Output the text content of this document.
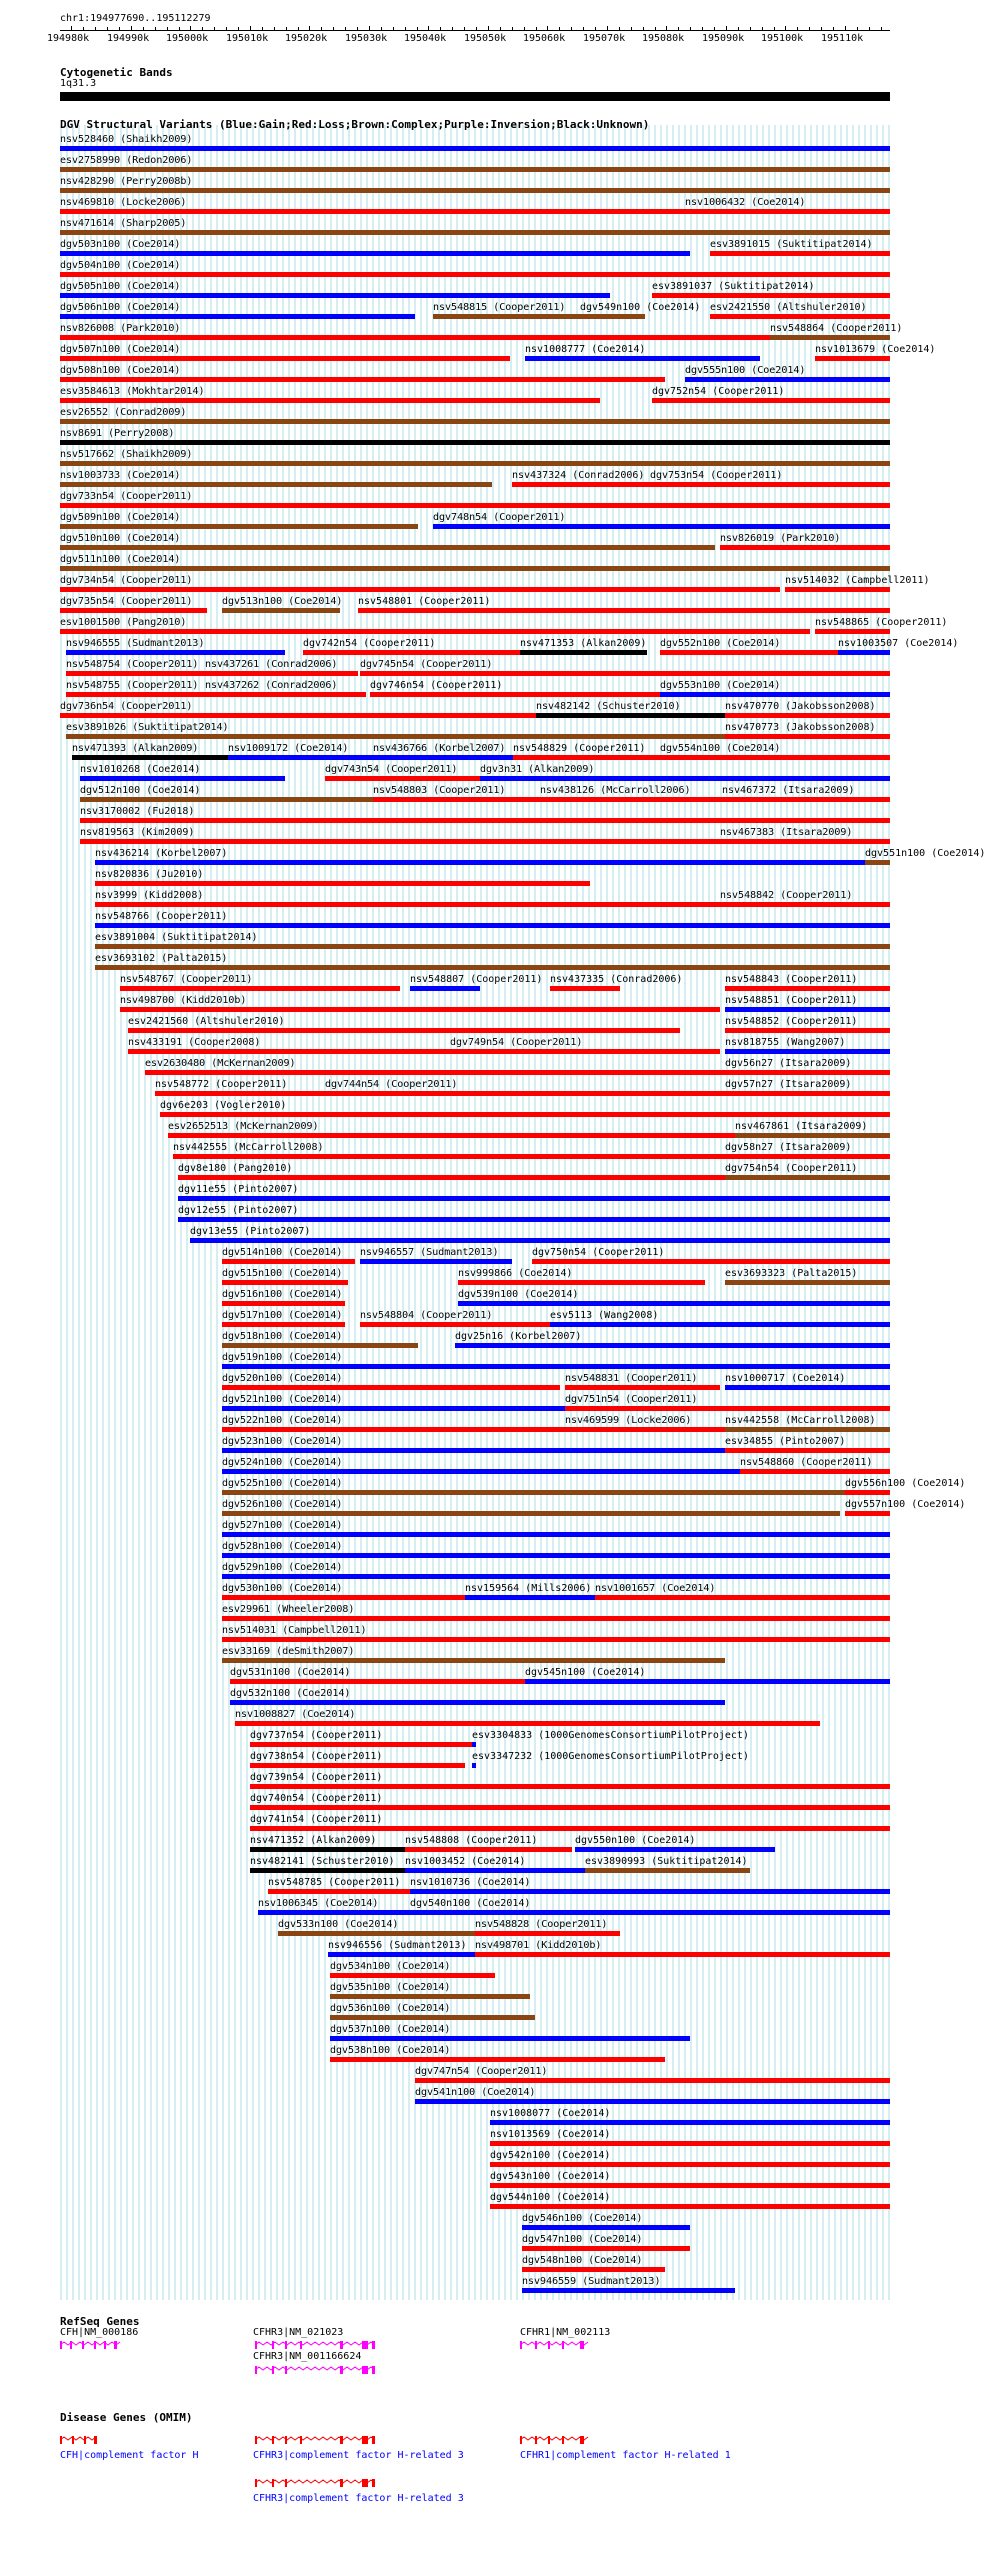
chr1:194977690..195112279
194980k 194990k 195000k 195010k 195020k 195030k 195040k 195050k 195060k 195070k 195080k 195090k 195100k 195110k
Cytogenetic Bands
1q31.3
DGV Structural Variants (Blue:Gain;Red:Loss;Brown:Complex;Purple:Inversion;Black:Unknown)
nsv528460 (Shaikh2009)
esv2758990 (Redon2006)
nsv428290 (Perry2008b)
nsv469810 (Locke2006)	nsv1006432 (Coe2014)
nsv471614 (Sharp2005)
dgv503n100 (Coe2014)	esv3891015 (Suktitipat2014)
dgv504n100 (Coe2014)
dgv505n100 (Coe2014)	esv3891037 (Suktitipat2014)
dgv506n100 (Coe2014)	nsv548815 (Cooper2011) dgv549n100 (Coe2014) esv2421550 (Altshuler2010)
nsv826008 (Park2010)	nsv548864 (Cooper2011)
dgv507n100 (Coe2014)	nsv1008777 (Coe2014)	nsv1013679 (Coe2014)
dgv508n100 (Coe2014)	dgv555n100 (Coe2014)
esv3584613 (Mokhtar2014)	dgv752n54 (Cooper2011)
esv26552 (Conrad2009)
nsv8691 (Perry2008)
nsv517662 (Shaikh2009)
nsv1003733 (Coe2014)	nsv437324 (Conrad2006) dgv753n54 (Cooper2011)
dgv733n54 (Cooper2011)
dgv509n100 (Coe2014)	dgv748n54 (Cooper2011)
dgv510n100 (Coe2014)	nsv826019 (Park2010)
dgv511n100 (Coe2014)
dgv734n54 (Cooper2011)	nsv514032 (Campbell2011)
dgv735n54 (Cooper2011)	dgv513n100 (Coe2014) nsv548801 (Cooper2011)
esv1001500 (Pang2010)	nsv548865 (Cooper2011)
nsv946555 (Sudmant2013)	dgv742n54 (Cooper2011)	nsv471353 (Alkan2009) dgv552n100 (Coe2014)	nsv1003507 (Coe2014)
nsv548754 (Cooper2011) nsv437261 (Conrad2006) dgv745n54 (Cooper2011)
nsv548755 (Cooper2011) nsv437262 (Conrad2006)	dgv746n54 (Cooper2011)	dgv553n100 (Coe2014)
dgv736n54 (Cooper2011)	nsv482142 (Schuster2010)	nsv470770 (Jakobsson2008)
esv3891026 (Suktitipat2014)	nsv470773 (Jakobsson2008)
nsv471393 (Alkan2009)	nsv1009172 (Coe2014) nsv436766 (Korbel2007) nsv548829 (Cooper2011) dgv554n100 (Coe2014)
nsv1010268 (Coe2014)	dgv743n54 (Cooper2011) dgv3n31 (Alkan2009)
dgv512n100 (Coe2014)	nsv548803 (Cooper2011)	nsv438126 (McCarroll2006)	nsv467372 (Itsara2009)
nsv3170002 (Fu2018)
nsv819563 (Kim2009)	nsv467383 (Itsara2009)
nsv436214 (Korbel2007)	dgv551n100 (Coe2014)
nsv820836 (Ju2010)
nsv3999 (Kidd2008)	nsv548842 (Cooper2011)
nsv548766 (Cooper2011)
esv3891004 (Suktitipat2014)
esv3693102 (Palta2015)
nsv548767 (Cooper2011)	nsv548807 (Cooper2011) nsv437335 (Conrad2006)	nsv548843 (Cooper2011)
nsv498700 (Kidd2010b)	nsv548851 (Cooper2011)
esv2421560 (Altshuler2010)	nsv548852 (Cooper2011)
nsv433191 (Cooper2008)	dgv749n54 (Cooper2011)	nsv818755 (Wang2007)
esv2630480 (McKernan2009)	dgv56n27 (Itsara2009)
nsv548772 (Cooper2011)	dgv744n54 (Cooper2011)	dgv57n27 (Itsara2009)
dgv6e203 (Vogler2010)
esv2652513 (McKernan2009)	nsv467861 (Itsara2009)
nsv442555 (McCarroll2008)	dgv58n27 (Itsara2009)
dgv8e180 (Pang2010)	dgv754n54 (Cooper2011)
dgv11e55 (Pinto2007)
dgv12e55 (Pinto2007)
dgv13e55 (Pinto2007)
dgv514n100 (Coe2014) nsv946557 (Sudmant2013)	dgv750n54 (Cooper2011)
dgv515n100 (Coe2014)	nsv999866 (Coe2014)	esv3693323 (Palta2015)
dgv516n100 (Coe2014)	dgv539n100 (Coe2014)
dgv517n100 (Coe2014) nsv548804 (Cooper2011)	esv5113 (Wang2008)
dgv518n100 (Coe2014)	dgv25n16 (Korbel2007)
dgv519n100 (Coe2014)
dgv520n100 (Coe2014)	nsv548831 (Cooper2011)	nsv1000717 (Coe2014)
dgv521n100 (Coe2014)	dgv751n54 (Cooper2011)
dgv522n100 (Coe2014)	nsv469599 (Locke2006)	nsv442558 (McCarroll2008)
dgv523n100 (Coe2014)	esv34855 (Pinto2007)
dgv524n100 (Coe2014)	nsv548860 (Cooper2011)
dgv525n100 (Coe2014)	dgv556n100 (Coe2014)
dgv526n100 (Coe2014)	dgv557n100 (Coe2014)
dgv527n100 (Coe2014)
dgv528n100 (Coe2014)
dgv529n100 (Coe2014)
dgv530n100 (Coe2014)	nsv159564 (Mills2006) nsv1001657 (Coe2014)
esv29961 (Wheeler2008)
nsv514031 (Campbell2011)
esv33169 (deSmith2007)
dgv531n100 (Coe2014)	dgv545n100 (Coe2014)
dgv532n100 (Coe2014)
nsv1008827 (Coe2014)
dgv737n54 (Cooper2011)	esv3304833 (1000GenomesConsortiumPilotProject)
dgv738n54 (Cooper2011)	esv3347232 (1000GenomesConsortiumPilotProject)
dgv739n54 (Cooper2011)
dgv740n54 (Cooper2011)
dgv741n54 (Cooper2011)
nsv471352 (Alkan2009)	nsv548808 (Cooper2011)	dgv550n100 (Coe2014)
nsv482141 (Schuster2010) nsv1003452 (Coe2014)	esv3890993 (Suktitipat2014)
nsv548785 (Cooper2011) nsv1010736 (Coe2014)
nsv1006345 (Coe2014)	dgv540n100 (Coe2014)
dgv533n100 (Coe2014)	nsv548828 (Cooper2011)
nsv946556 (Sudmant2013) nsv498701 (Kidd2010b)
dgv534n100 (Coe2014)
dgv535n100 (Coe2014)
dgv536n100 (Coe2014)
dgv537n100 (Coe2014)
dgv538n100 (Coe2014)
dgv747n54 (Cooper2011)
dgv541n100 (Coe2014)
nsv1008077 (Coe2014)
nsv1013569 (Coe2014)
dgv542n100 (Coe2014)
dgv543n100 (Coe2014)
dgv544n100 (Coe2014)
dgv546n100 (Coe2014)
dgv547n100 (Coe2014)
dgv548n100 (Coe2014)
nsv946559 (Sudmant2013)
RefSeq Genes
CFH|NM_000186	CFHR3|NM_021023	CFHR1|NM_002113
CFHR3|NM_001166624
Disease Genes (OMIM)
CFH|complement factor H	CFHR3|complement factor H-related 3	CFHR1|complement factor H-related 1
CFHR3|complement factor H-related 3
